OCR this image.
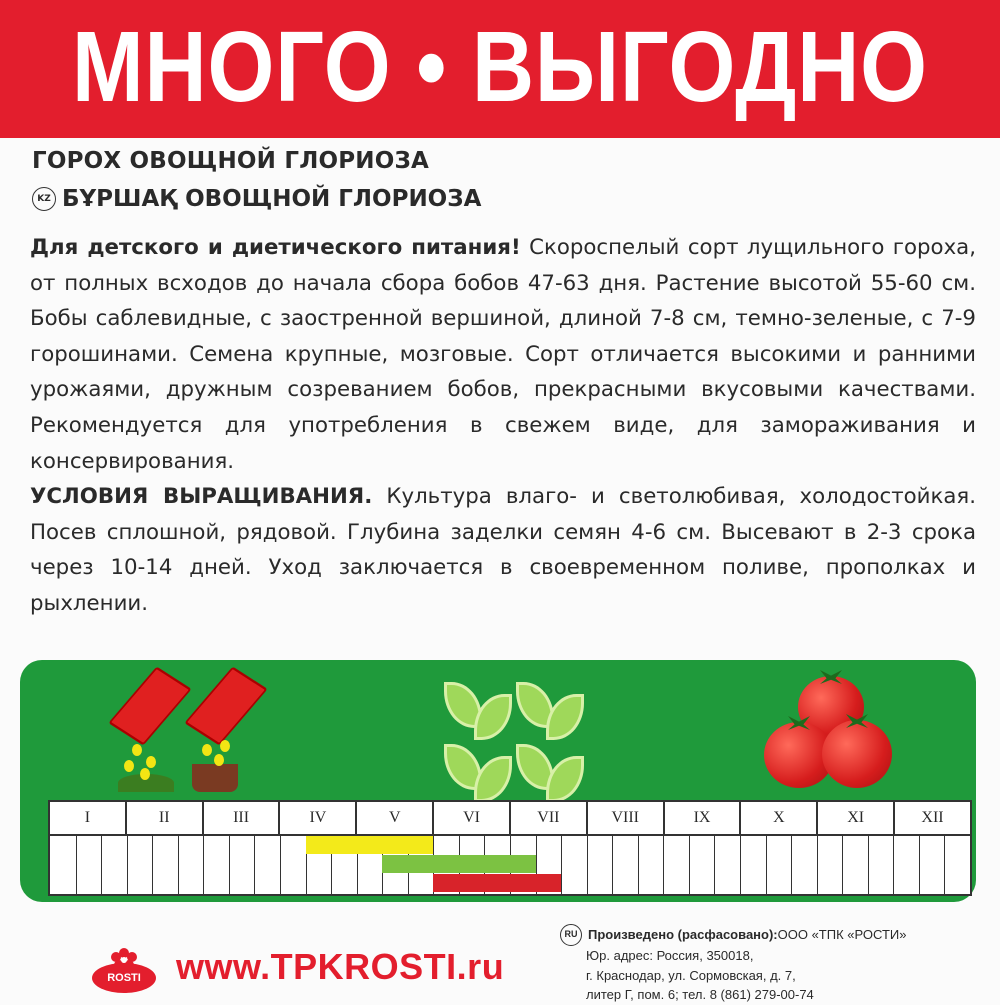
МНОГО • ВЫГОДНО
ГОРОХ ОВОЩНОЙ ГЛОРИОЗА
KZ БҰРШАҚ ОВОЩНОЙ ГЛОРИОЗА
Для детского и диетического питания! Скороспелый сорт лущильного гороха, от полных всходов до начала сбора бобов 47-63 дня. Растение высотой 55-60 см. Бобы саблевидные, с заостренной вершиной, длиной 7-8 см, темно-зеленые, с 7-9 горошинами. Семена крупные, мозговые. Сорт отличается высокими и ранними урожаями, дружным созреванием бобов, прекрасными вкусовыми качествами. Рекомендуется для употребления в свежем виде, для замораживания и консервирования.
УСЛОВИЯ ВЫРАЩИВАНИЯ. Культура влаго- и светолюбивая, холодостойкая. Посев сплошной, рядовой. Глубина заделки семян 4-6 см. Высевают в 2-3 срока через 10-14 дней. Уход заключается в своевременном поливе, прополках и рыхлении.
I	II	III	IV	V	VI	VII	VIII	IX	X	XI	XII
ROSTI www.TPKROSTI.ru
RU Произведено (расфасовано): ООО «ТПК «РОСТИ»
Юр. адрес: Россия, 350018,
г. Краснодар, ул. Сормовская, д. 7,
литер Г, пом. 6; тел. 8 (861) 279-00-74
